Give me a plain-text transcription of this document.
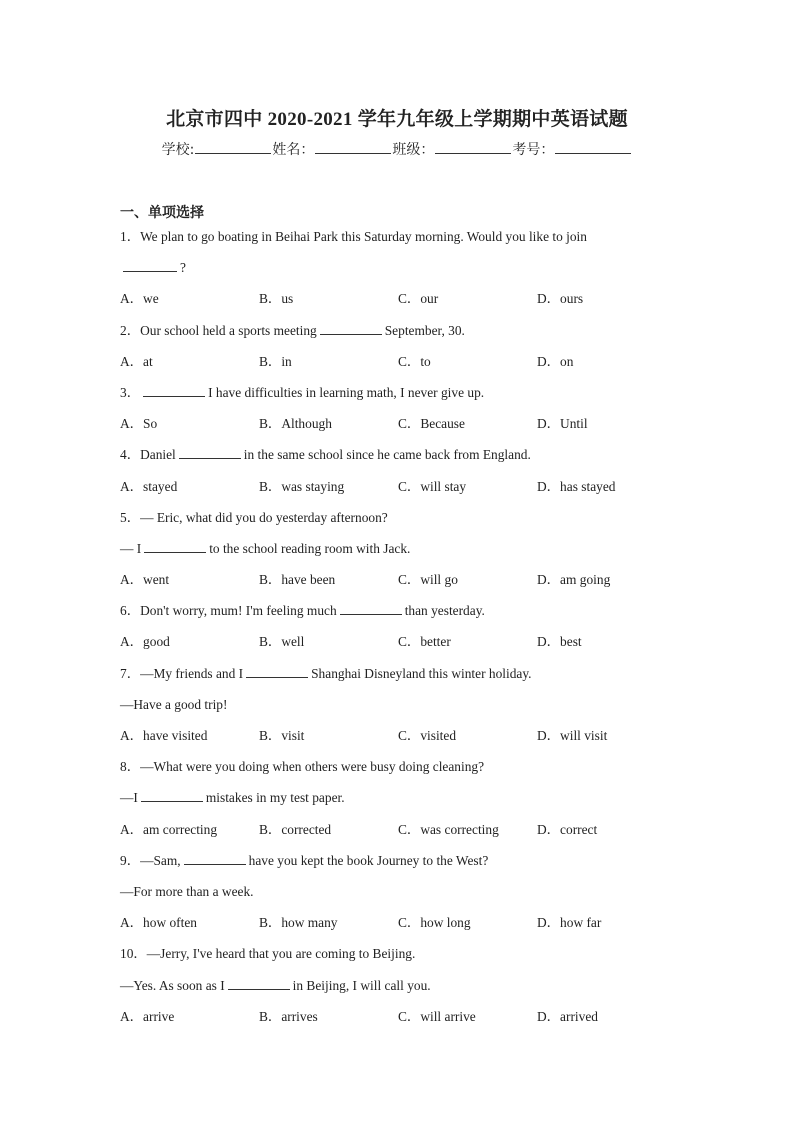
北京市四中 2020-2021 学年九年级上学期期中英语试题
学校:	姓名：	班级：	考号：
一、单项选择
1．We plan to go boating in Beihai Park this Saturday morning. Would you like to join
?
A．we	B．us	C．our	D．ours
2．Our school held a sports meeting	September, 30.
A．at	B．in	C．to	D．on
3．	I have difficulties in learning math, I never give up.
A．So	B．Although	C．Because	D．Until
4．Daniel	in the same school since he came back from England.
A．stayed	B．was staying	C．will stay	D．has stayed
5．— Eric, what did you do yesterday afternoon?
— I	to the school reading room with Jack.
A．went	B．have been	C．will go	D．am going
6．Don't worry, mum! I'm feeling much	than yesterday.
A．good	B．well	C．better	D．best
7．—My friends and I	Shanghai Disneyland this winter holiday.
—Have a good trip!
A．have visited	B．visit	C．visited	D．will visit
8．—What were you doing when others were busy doing cleaning?
—I	mistakes in my test paper.
A．am correcting	B．corrected	C．was correcting	D．correct
9．—Sam,	have you kept the book Journey to the West?
—For more than a week.
A．how often	B．how many	C．how long	D．how far
10．—Jerry, I've heard that you are coming to Beijing.
—Yes. As soon as I	in Beijing, I will call you.
A．arrive	B．arrives	C．will arrive	D．arrived
